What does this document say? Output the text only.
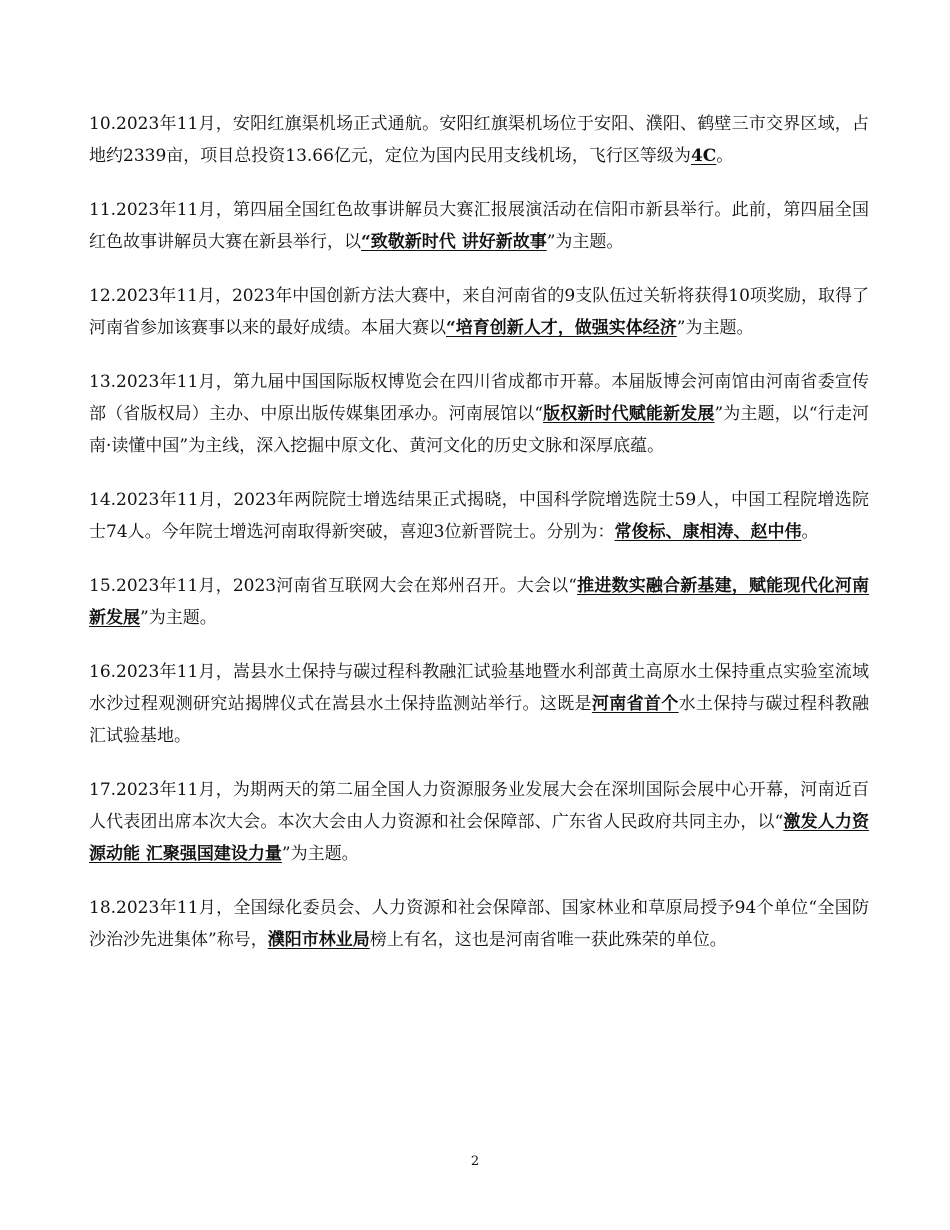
10.2023年11月，安阳红旗渠机场正式通航。安阳红旗渠机场位于安阳、濮阳、鹤壁三市交界区域，占地约2339亩，项目总投资13.66亿元，定位为国内民用支线机场，飞行区等级为4C。

11.2023年11月，第四届全国红色故事讲解员大赛汇报展演活动在信阳市新县举行。此前，第四届全国红色故事讲解员大赛在新县举行，以“致敬新时代 讲好新故事”为主题。

12.2023年11月，2023年中国创新方法大赛中，来自河南省的9支队伍过关斩将获得10项奖励，取得了河南省参加该赛事以来的最好成绩。本届大赛以“培育创新人才，做强实体经济”为主题。

13.2023年11月，第九届中国国际版权博览会在四川省成都市开幕。本届版博会河南馆由河南省委宣传部（省版权局）主办、中原出版传媒集团承办。河南展馆以“版权新时代赋能新发展”为主题，以“行走河南·读懂中国”为主线，深入挖掘中原文化、黄河文化的历史文脉和深厚底蕴。

14.2023年11月，2023年两院院士增选结果正式揭晓，中国科学院增选院士59人，中国工程院增选院士74人。今年院士增选河南取得新突破，喜迎3位新晋院士。分别为：常俊标、康相涛、赵中伟。

15.2023年11月，2023河南省互联网大会在郑州召开。大会以“推进数实融合新基建，赋能现代化河南新发展”为主题。

16.2023年11月，嵩县水土保持与碳过程科教融汇试验基地暨水利部黄土高原水土保持重点实验室流域水沙过程观测研究站揭牌仪式在嵩县水土保持监测站举行。这既是河南省首个水土保持与碳过程科教融汇试验基地。

17.2023年11月，为期两天的第二届全国人力资源服务业发展大会在深圳国际会展中心开幕，河南近百人代表团出席本次大会。本次大会由人力资源和社会保障部、广东省人民政府共同主办，以“激发人力资源动能 汇聚强国建设力量”为主题。

18.2023年11月，全国绿化委员会、人力资源和社会保障部、国家林业和草原局授予94个单位“全国防沙治沙先进集体”称号，濮阳市林业局榜上有名，这也是河南省唯一获此殊荣的单位。

2
